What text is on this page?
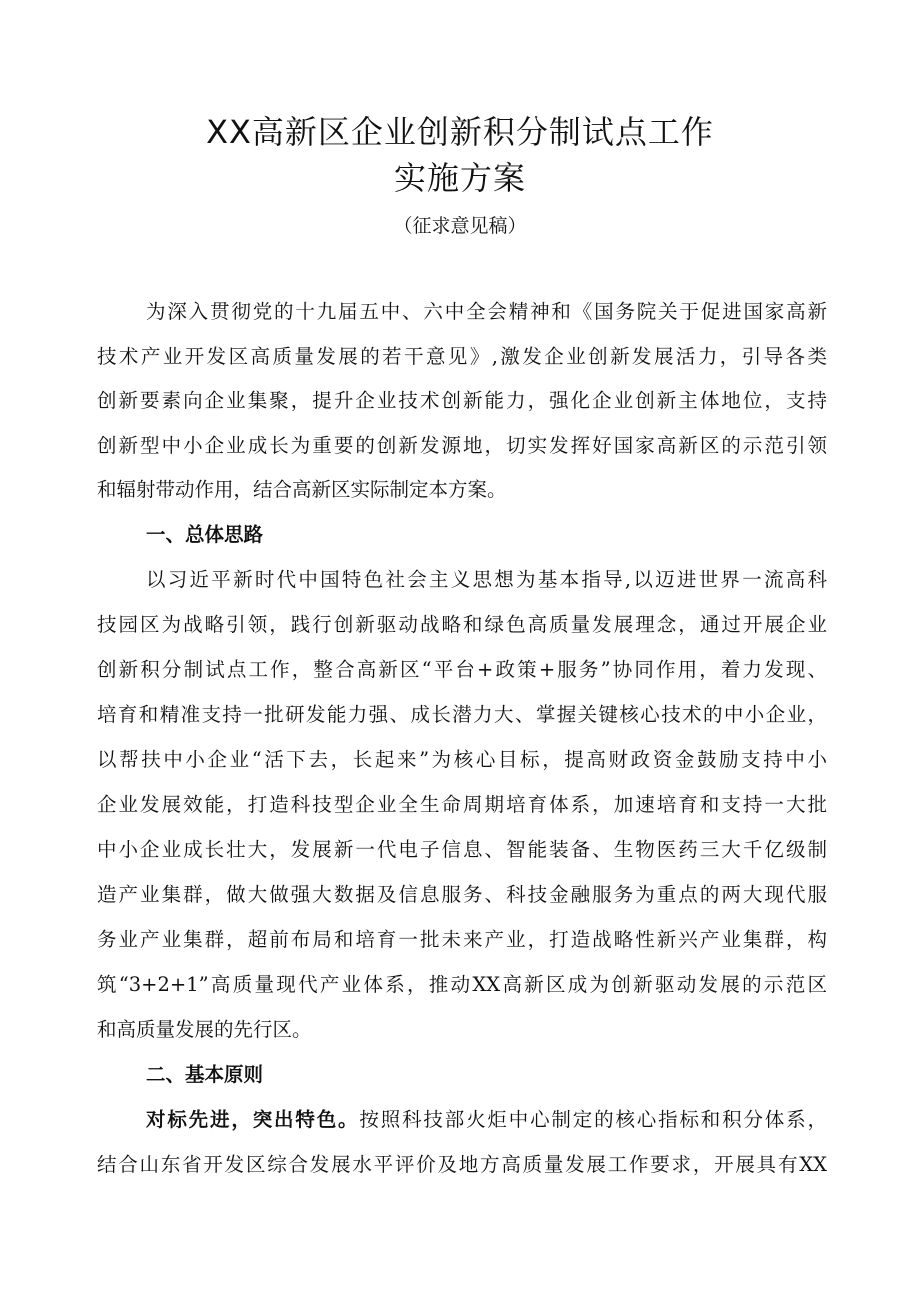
XX高新区企业创新积分制试点工作
实施方案
（征求意见稿）
为深入贯彻党的十九届五中、六中全会精神和《国务院关于促进国家高新
技术产业开发区高质量发展的若干意见》,激发企业创新发展活力，引导各类
创新要素向企业集聚，提升企业技术创新能力，强化企业创新主体地位，支持
创新型中小企业成长为重要的创新发源地，切实发挥好国家高新区的示范引领
和辐射带动作用，结合高新区实际制定本方案。
一、总体思路
以习近平新时代中国特色社会主义思想为基本指导,以迈进世界一流高科
技园区为战略引领，践行创新驱动战略和绿色高质量发展理念，通过开展企业
创新积分制试点工作，整合高新区“平台+政策+服务”协同作用，着力发现、
培育和精准支持一批研发能力强、成长潜力大、掌握关键核心技术的中小企业，
以帮扶中小企业“活下去，长起来”为核心目标，提高财政资金鼓励支持中小
企业发展效能，打造科技型企业全生命周期培育体系，加速培育和支持一大批
中小企业成长壮大，发展新一代电子信息、智能装备、生物医药三大千亿级制
造产业集群，做大做强大数据及信息服务、科技金融服务为重点的两大现代服
务业产业集群，超前布局和培育一批未来产业，打造战略性新兴产业集群，构
筑“3+2+1”高质量现代产业体系，推动XX高新区成为创新驱动发展的示范区
和高质量发展的先行区。
二、基本原则
对标先进，突出特色。按照科技部火炬中心制定的核心指标和积分体系，
结合山东省开发区综合发展水平评价及地方高质量发展工作要求，开展具有XX
